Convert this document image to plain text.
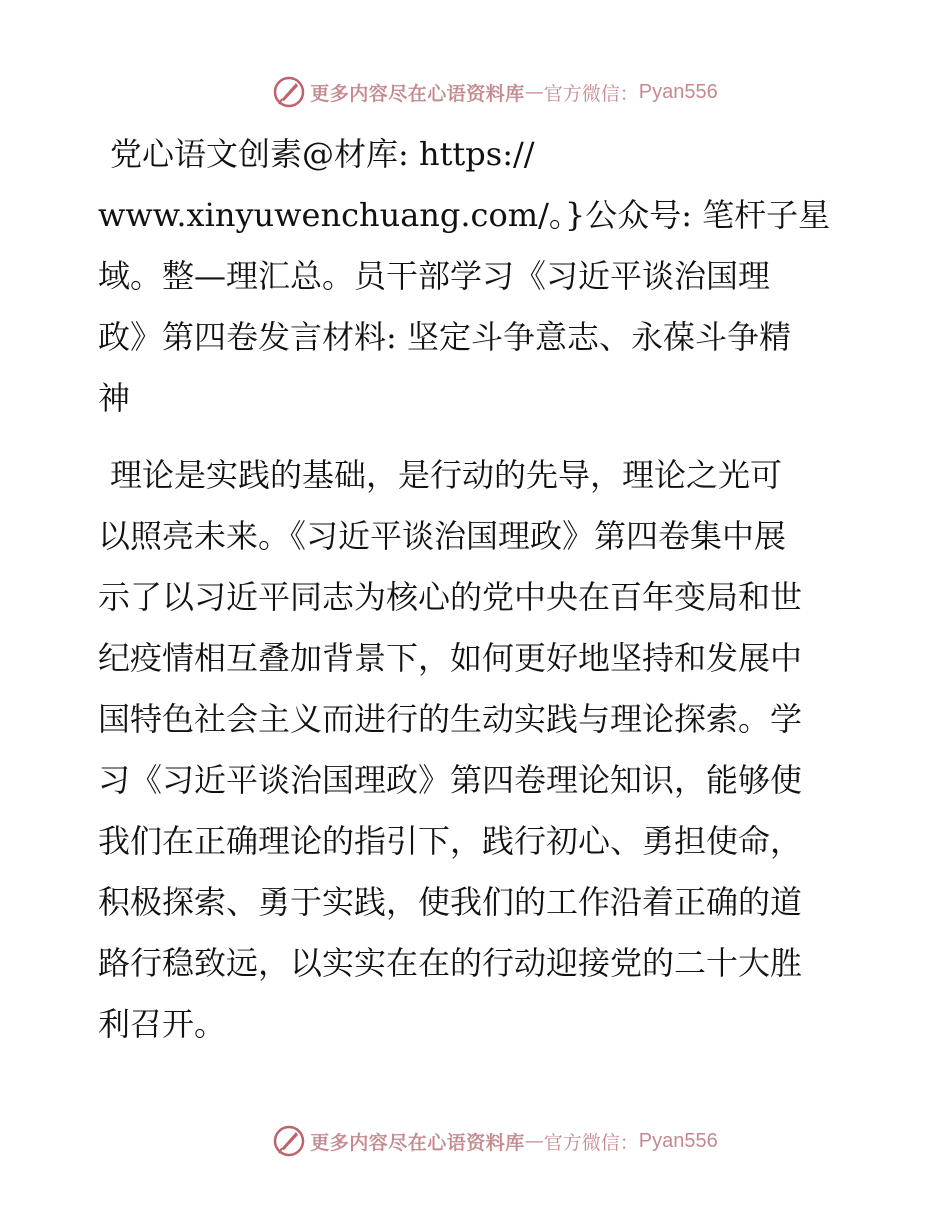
更多内容尽在心语资料库 — 官方微信： Pyan556
党心语文创素@材库: https://
www.xinyuwenchuang.com/。}公众号: 笔杆子星
域。整—理汇总。员干部学习《习近平谈治国理
政》第四卷发言材料: 坚定斗争意志、永葆斗争精
神
理论是实践的基础，是行动的先导，理论之光可
以照亮未来。《习近平谈治国理政》第四卷集中展
示了以习近平同志为核心的党中央在百年变局和世
纪疫情相互叠加背景下，如何更好地坚持和发展中
国特色社会主义而进行的生动实践与理论探索。学
习《习近平谈治国理政》第四卷理论知识，能够使
我们在正确理论的指引下，践行初心、勇担使命，
积极探索、勇于实践，使我们的工作沿着正确的道
路行稳致远，以实实在在的行动迎接党的二十大胜
利召开。
更多内容尽在心语资料库 — 官方微信： Pyan556
